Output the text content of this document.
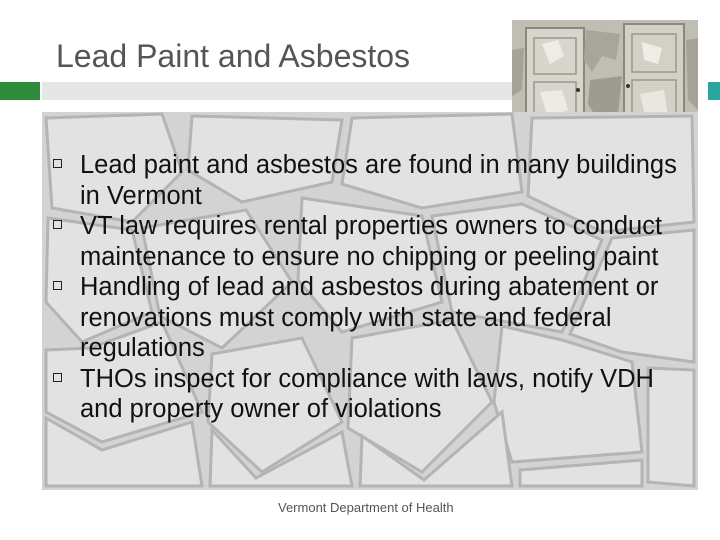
Lead Paint and Asbestos
Lead paint and asbestos are found in many buildings in Vermont
VT law requires rental properties owners to conduct maintenance to ensure no chipping or peeling paint
Handling of lead and asbestos during abatement or renovations must comply with state and federal regulations
THOs inspect for compliance with laws, notify VDH and property owner of violations
Vermont Department of Health
